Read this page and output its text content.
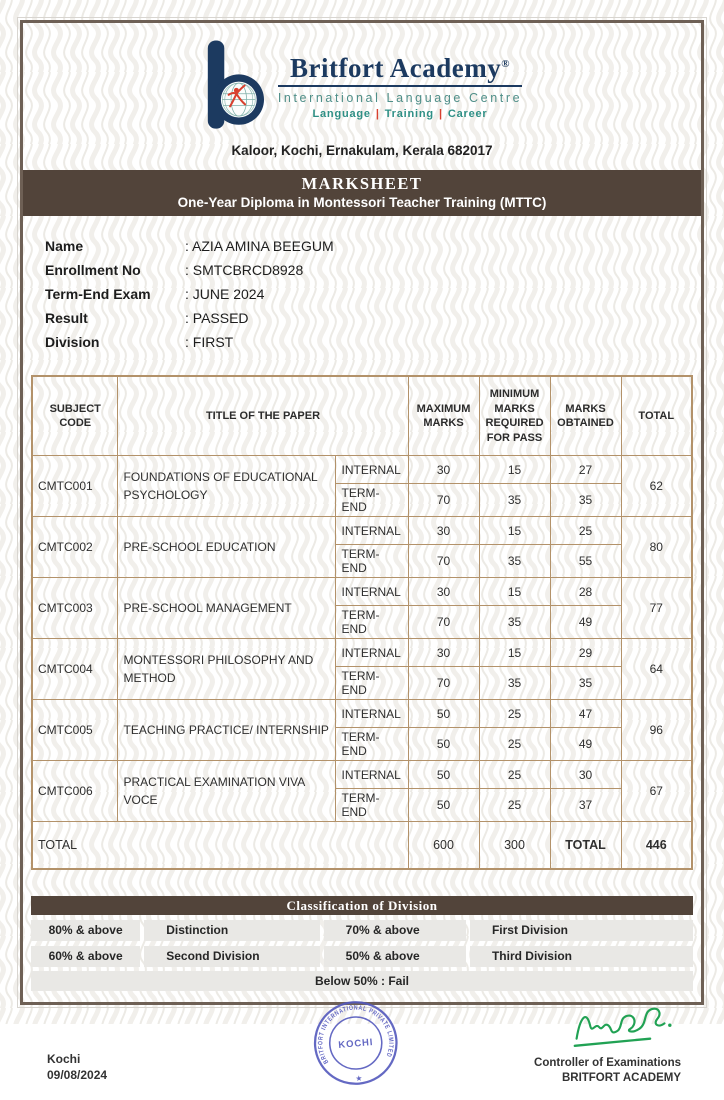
Britfort Academy®
International Language Centre
Language | Training | Career
Kaloor, Kochi, Ernakulam, Kerala 682017
MARKSHEET
One-Year Diploma in Montessori Teacher Training (MTTC)
Name	: AZIA AMINA BEEGUM
Enrollment No	: SMTCBRCD8928
Term-End Exam	: JUNE 2024
Result	: PASSED
Division	: FIRST
SUBJECT CODE	TITLE OF THE PAPER		MAXIMUM MARKS	MINIMUM MARKS REQUIRED FOR PASS	MARKS OBTAINED	TOTAL
CMTC001	FOUNDATIONS OF EDUCATIONAL PSYCHOLOGY	INTERNAL	30	15	27	62
		TERM-END	70	35	35	
CMTC002	PRE-SCHOOL EDUCATION	INTERNAL	30	15	25	80
		TERM-END	70	35	55	
CMTC003	PRE-SCHOOL MANAGEMENT	INTERNAL	30	15	28	77
		TERM-END	70	35	49	
CMTC004	MONTESSORI PHILOSOPHY AND METHOD	INTERNAL	30	15	29	64
		TERM-END	70	35	35	
CMTC005	TEACHING PRACTICE/ INTERNSHIP	INTERNAL	50	25	47	96
		TERM-END	50	25	49	
CMTC006	PRACTICAL EXAMINATION VIVA VOCE	INTERNAL	50	25	30	67
		TERM-END	50	25	37	
TOTAL			600	300	TOTAL	446
Classification of Division
80% & above	Distinction	70% & above	First Division
60% & above	Second Division	50% & above	Third Division
Below 50% : Fail
Kochi
09/08/2024
BRITFORT INTERNATIONAL PRIVATE LIMITED
KOCHI
★
Controller of Examinations
BRITFORT ACADEMY
